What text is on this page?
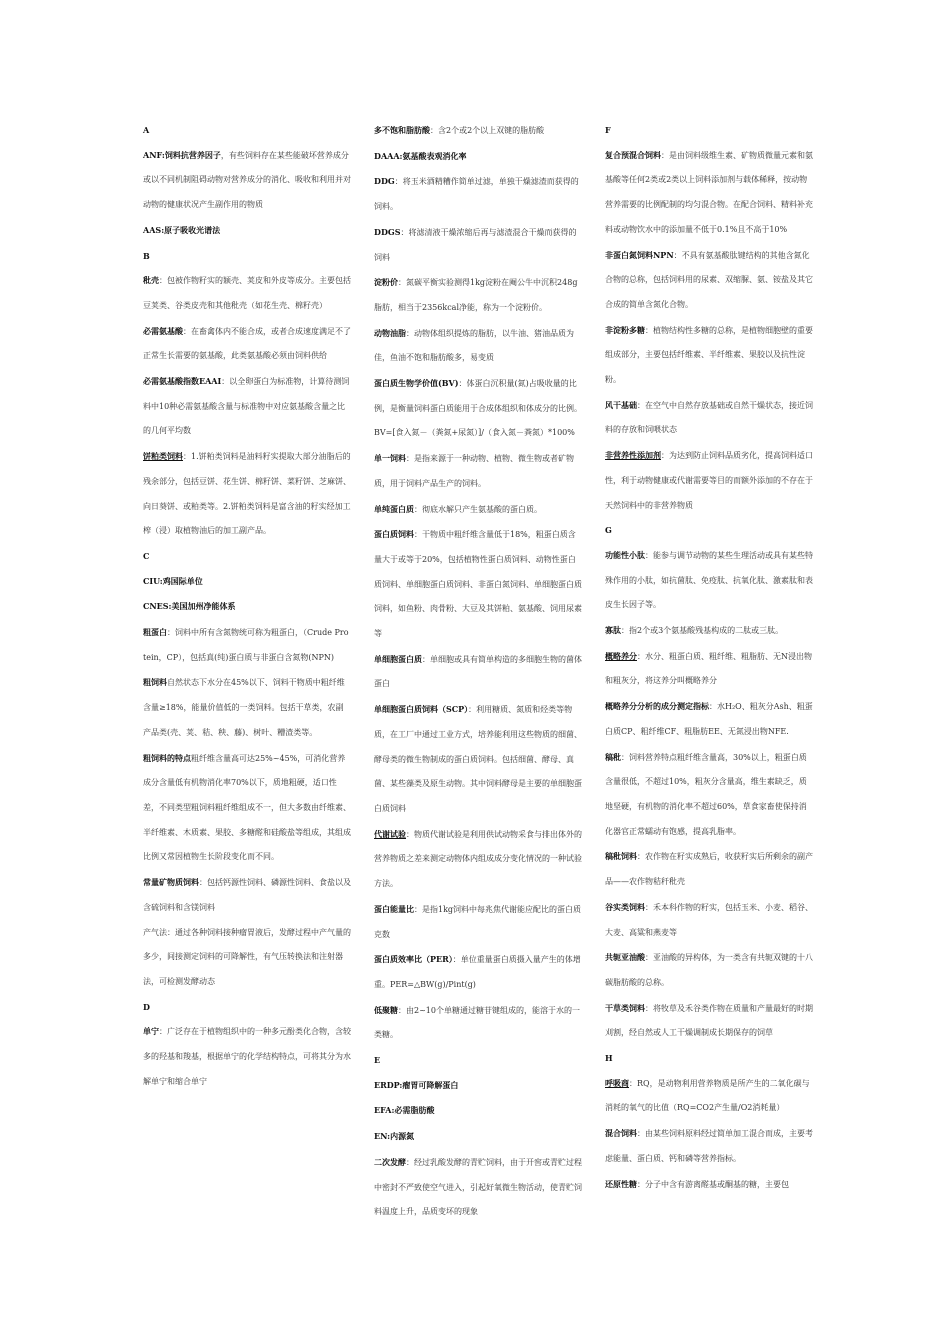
A

ANF:饲料抗营养因子，有些饲料存在某些能破坏营养成分或以不同机制阻碍动物对营养成分的消化、吸收和利用并对动物的健康状况产生副作用的物质

AAS:原子吸收光谱法

B

秕壳：包被作物籽实的颖壳、荚皮和外皮等成分。主要包括豆荚类、谷类皮壳和其他秕壳（如花生壳、棉籽壳）

必需氨基酸：在畜禽体内不能合成，或者合成速度满足不了正常生长需要的氨基酸，此类氨基酸必须由饲料供给

必需氨基酸指数EAAI：以全卵蛋白为标准物，计算待测饲料中10种必需氨基酸含量与标准物中对应氨基酸含量之比的几何平均数

饼粕类饲料：1.饼粕类饲料是油料籽实提取大部分油脂后的残余部分，包括豆饼、花生饼、棉籽饼、菜籽饼、芝麻饼、向日葵饼、或粕类等。2.饼粕类饲料是富含油的籽实经加工榨（浸）取植物油后的加工副产品。

C

CIU:鸡国际单位

CNES:美国加州净能体系

粗蛋白：饲料中所有含氮物统可称为粗蛋白，（Crude Protein，CP），包括真(纯)蛋白质与非蛋白含氮物(NPN)

粗饲料自然状态下水分在45%以下、饲料干物质中粗纤维含量≥18%，能量价值低的一类饲料。包括干草类，农副产品类(壳、荚、秸、秧、藤)、树叶、糟渣类等。

粗饲料的特点粗纤维含量高可达25%~45%，可消化营养成分含量低有机物消化率70%以下，质地粗硬，适口性差，不同类型粗饲料粗纤维组成不一，但大多数由纤维素、半纤维素、木质素、果胶、多糖醛和硅酸盐等组成，其组成比例又常因植物生长阶段变化而不同。

常量矿物质饲料：包括钙源性饲料、磷源性饲料、食盐以及含硫饲料和含镁饲料

产气法：通过各种饲料接种瘤胃液后，发酵过程中产气量的多少，间接测定饲料的可降解性，有气压转换法和注射器法，可检测发酵动态

D

单宁：广泛存在于植物组织中的一种多元酚类化合物，含较多的羟基和羧基，根据单宁的化学结构特点，可将其分为水解单宁和缩合单宁

多不饱和脂肪酸：含2个或2个以上双键的脂肪酸

DAAA:氨基酸表观消化率

DDG：将玉米酒精糟作简单过滤，单独干燥滤渣而获得的饲料。

DDGS：将滤清液干燥浓缩后再与滤渣混合干燥而获得的饲料

淀粉价：氮碳平衡实验测得1kg淀粉在阉公牛中沉积248g脂肪，相当于2356kcal净能，称为一个淀粉价。

动物油脂：动物体组织提炼的脂肪，以牛油、猪油品质为佳，鱼油不饱和脂肪酸多，易变质

蛋白质生物学价值(BV)：体蛋白沉积量(氮)占吸收量的比例，是衡量饲料蛋白质能用于合成体组织和体成分的比例。BV=[食入氮－（粪氮+尿氮）]/（食入氮－粪氮）*100%

单一饲料：是指来源于一种动物、植物、微生物或者矿物质，用于饲料产品生产的饲料。

单纯蛋白质：彻底水解只产生氨基酸的蛋白质。

蛋白质饲料：干物质中粗纤维含量低于18%，粗蛋白质含量大于或等于20%，包括植物性蛋白质饲料、动物性蛋白质饲料、单细胞蛋白质饲料、非蛋白氮饲料、单细胞蛋白质饲料，如鱼粉、肉骨粉、大豆及其饼粕、氨基酸、饲用尿素等

单细胞蛋白质：单细胞或具有简单构造的多细胞生物的菌体蛋白

单细胞蛋白质饲料（SCP）：利用糖质、氮质和烃类等物质，在工厂中通过工业方式，培养能利用这些物质的细菌、酵母类的微生物制成的蛋白质饲料。包括细菌、酵母、真菌、某些藻类及原生动物。其中饲料酵母是主要的单细胞蛋白质饲料

代谢试验：物质代谢试验是利用供试动物采食与排出体外的营养物质之差来测定动物体内组成成分变化情况的一种试验方法。

蛋白能量比：是指1kg饲料中每兆焦代谢能应配比的蛋白质克数

蛋白质效率比（PER）：单位重量蛋白质摄入量产生的体增重。PER=△BW(g)/Pint(g)

低聚糖：由2~10个单糖通过糖苷键组成的，能溶于水的一类糖。

E

ERDP:瘤胃可降解蛋白

EFA:必需脂肪酸

EN:内源氮

二次发酵：经过乳酸发酵的青贮饲料，由于开窖或青贮过程中密封不严致使空气进入，引起好氧微生物活动，使青贮饲料温度上升，品质变坏的现象

F

复合预混合饲料：是由饲料级维生素、矿物质微量元素和氨基酸等任何2类或2类以上饲料添加剂与载体稀释，按动物营养需要的比例配制的均匀混合物。在配合饲料、精料补充料或动物饮水中的添加量不低于0.1%且不高于10%

非蛋白氮饲料NPN：不具有氨基酸肽键结构的其他含氮化合物的总称，包括饲料用的尿素、双缩脲、氨、铵盐及其它合成的简单含氮化合物。

非淀粉多糖：植物结构性多糖的总称，是植物细胞壁的重要组成部分，主要包括纤维素、半纤维素、果胶以及抗性淀粉。

风干基础：在空气中自然存放基础或自然干燥状态，接近饲料的存放和饲喂状态

非营养性添加剂：为达到防止饲料品质劣化，提高饲料适口性，利于动物健康或代谢需要等目的而额外添加的不存在于天然饲料中的非营养物质

G

功能性小肽：能参与调节动物的某些生理活动或具有某些特殊作用的小肽，如抗菌肽、免疫肽、抗氧化肽、激素肽和表皮生长因子等。

寡肽：指2个或3个氨基酸残基构成的二肽或三肽。

概略养分：水分、粗蛋白质、粗纤维、粗脂肪、无N浸出物和粗灰分，将这养分叫概略养分

概略养分分析的成分测定指标：水H₂O、粗灰分Ash、粗蛋白质CP、粗纤维CF、粗脂肪EE、无氮浸出物NFE.

稿秕：饲料营养特点粗纤维含量高，30%以上，粗蛋白质含量很低，不超过10%，粗灰分含量高，维生素缺乏，质地坚硬，有机物的消化率不超过60%，草食家畜使保持消化器官正常蠕动有饱感，提高乳脂率。

稿秕饲料：农作物在籽实成熟后，收获籽实后所剩余的副产品——农作物秸秆秕壳

谷实类饲料：禾本科作物的籽实，包括玉米、小麦、稻谷、大麦、高粱和燕麦等

共轭亚油酸：亚油酸的异构体，为一类含有共轭双键的十八碳脂肪酸的总称。

干草类饲料：将牧草及禾谷类作物在质量和产量最好的时期刈割，经自然或人工干燥调制成长期保存的饲草

H

呼吸商：RQ，是动物利用营养物质是所产生的二氧化碳与消耗的氧气的比值（RQ=CO2产生量/O2消耗量）

混合饲料：由某些饲料原料经过简单加工混合而成，主要考虑能量、蛋白质、钙和磷等营养指标。

还原性糖：分子中含有游离醛基或酮基的糖，主要包
